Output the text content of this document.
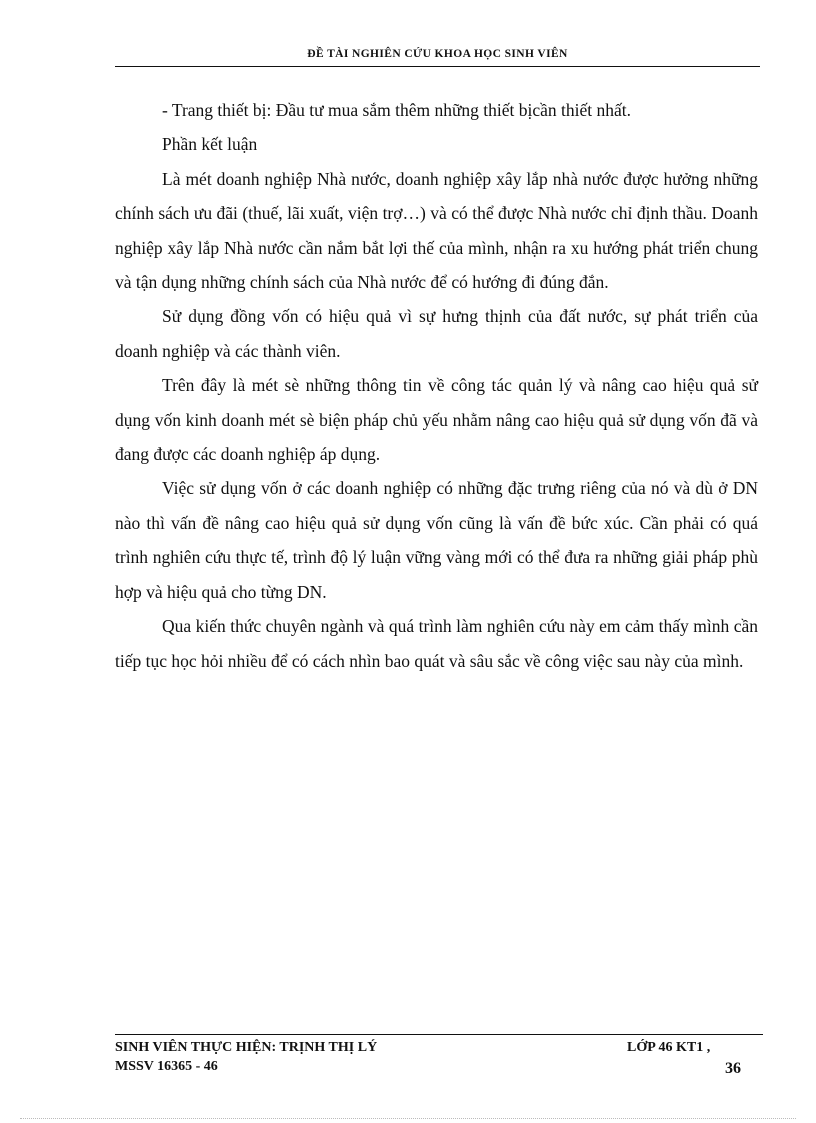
ĐỀ TÀI NGHIÊN CỨU KHOA HỌC SINH VIÊN

- Trang thiết bị: Đầu tư mua sắm thêm những thiết bịcần thiết nhất.

Phần kết luận

Là mét doanh nghiệp Nhà nước, doanh nghiệp xây lắp nhà nước được hưởng những chính sách ưu đãi (thuế, lãi xuất, viện trợ…) và có thể được Nhà nước chỉ định thầu. Doanh nghiệp xây lắp Nhà nước cần nắm bắt lợi thế của mình, nhận ra xu hướng phát triển chung và tận dụng những chính sách của Nhà nước để có hướng đi đúng đắn.

Sử dụng đồng vốn có hiệu quả vì sự hưng thịnh của đất nước, sự phát triển của doanh nghiệp và các thành viên.

Trên đây là mét sè những thông tin về công tác quản lý và nâng cao hiệu quả sử dụng vốn kinh doanh mét sè biện pháp chủ yếu nhằm nâng cao hiệu quả sử dụng vốn đã và đang được các doanh nghiệp áp dụng.

Việc sử dụng vốn ở các doanh nghiệp có những đặc trưng riêng của nó và dù ở DN nào thì vấn đề nâng cao hiệu quả sử dụng vốn cũng là vấn đề bức xúc. Cần phải có quá trình nghiên cứu thực tế, trình độ lý luận vững vàng mới có thể đưa ra những giải pháp phù hợp và hiệu quả cho từng DN.

Qua kiến thức chuyên ngành và quá trình làm nghiên cứu này em cảm thấy mình cần tiếp tục học hỏi nhiều để có cách nhìn bao quát và sâu sắc về công việc sau này của mình.

SINH VIÊN THỰC HIỆN: TRỊNH THỊ LÝ	LỚP 46 KT1 ,
MSSV 16365 - 46	36
